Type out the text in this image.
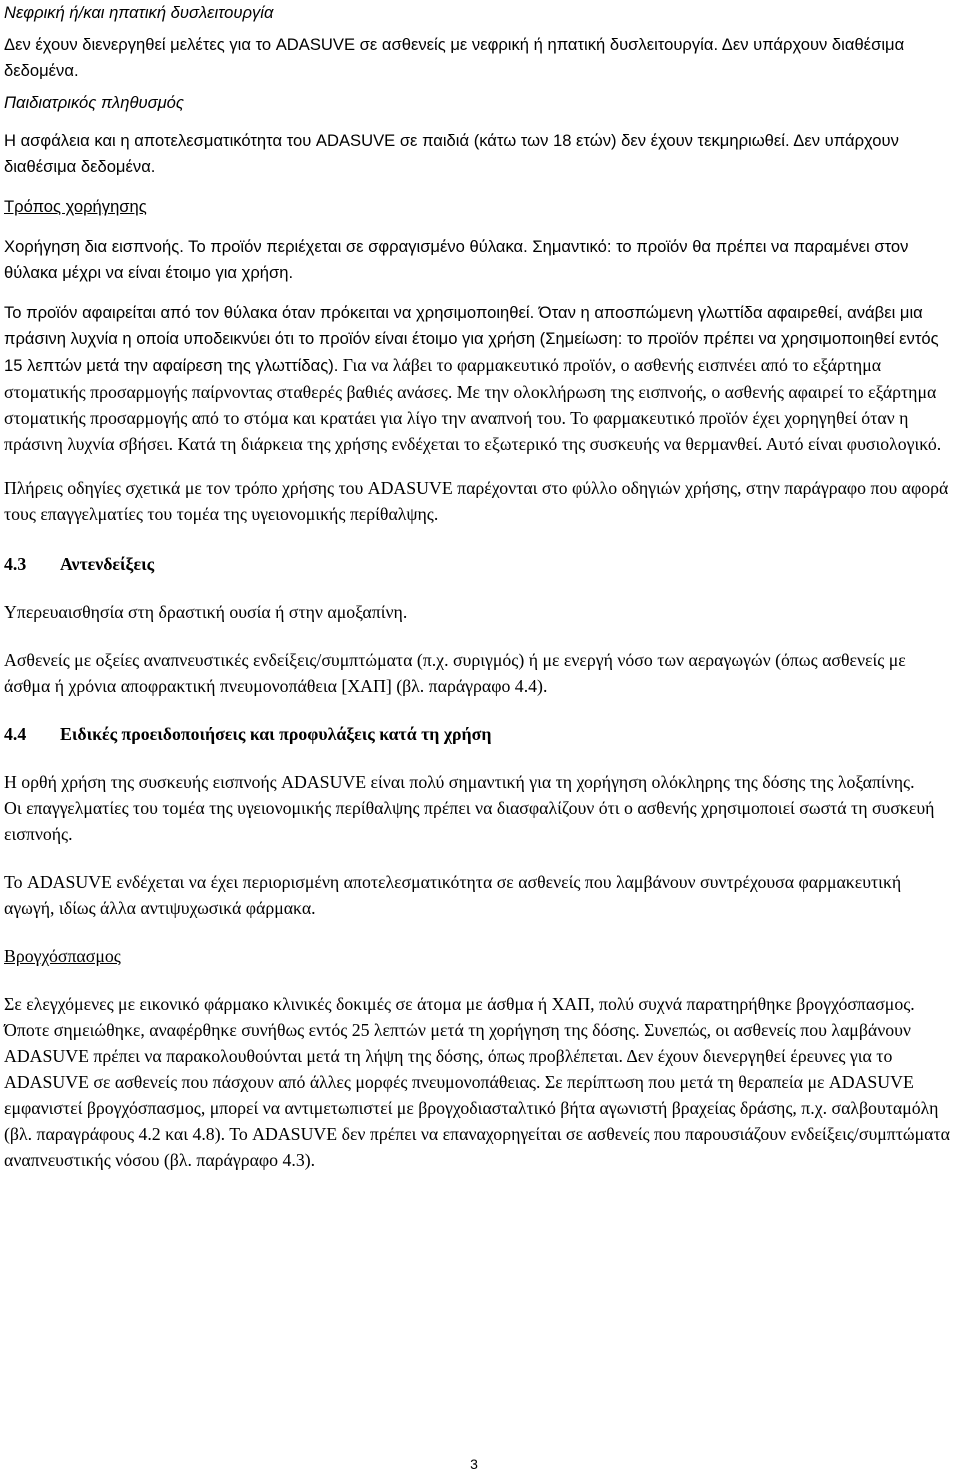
Νεφρική ή/και ηπατική δυσλειτουργία

Δεν έχουν διενεργηθεί μελέτες για το ADASUVE σε ασθενείς με νεφρική ή ηπατική δυσλειτουργία. Δεν υπάρχουν διαθέσιμα δεδομένα.

Παιδιατρικός πληθυσμός

Η ασφάλεια και η αποτελεσματικότητα του ADASUVE σε παιδιά (κάτω των 18 ετών) δεν έχουν τεκμηριωθεί. Δεν υπάρχουν διαθέσιμα δεδομένα.

Τρόπος χορήγησης

Χορήγηση δια εισπνοής. Το προϊόν περιέχεται σε σφραγισμένο θύλακα. Σημαντικό: το προϊόν θα πρέπει να παραμένει στον θύλακα μέχρι να είναι έτοιμο για χρήση.

Το προϊόν αφαιρείται από τον θύλακα όταν πρόκειται να χρησιμοποιηθεί. Όταν η αποσπώμενη γλωττίδα αφαιρεθεί, ανάβει μια πράσινη λυχνία η οποία υποδεικνύει ότι το προϊόν είναι έτοιμο για χρήση (Σημείωση: το προϊόν πρέπει να χρησιμοποιηθεί εντός 15 λεπτών μετά την αφαίρεση της γλωττίδας). Για να λάβει το φαρμακευτικό προϊόν, ο ασθενής εισπνέει από το εξάρτημα στοματικής προσαρμογής παίρνοντας σταθερές βαθιές ανάσες. Με την ολοκλήρωση της εισπνοής, ο ασθενής αφαιρεί το εξάρτημα στοματικής προσαρμογής από το στόμα και κρατάει για λίγο την αναπνοή του. Το φαρμακευτικό προϊόν έχει χορηγηθεί όταν η πράσινη λυχνία σβήσει. Κατά τη διάρκεια της χρήσης ενδέχεται το εξωτερικό της συσκευής να θερμανθεί. Αυτό είναι φυσιολογικό.

Πλήρεις οδηγίες σχετικά με τον τρόπο χρήσης του ADASUVE παρέχονται στο φύλλο οδηγιών χρήσης, στην παράγραφο που αφορά τους επαγγελματίες του τομέα της υγειονομικής περίθαλψης.

4.3	Αντενδείξεις

Υπερευαισθησία στη δραστική ουσία ή στην αμοξαπίνη.

Ασθενείς με οξείες αναπνευστικές ενδείξεις/συμπτώματα (π.χ. συριγμός) ή με ενεργή νόσο των αεραγωγών (όπως ασθενείς με άσθμα ή χρόνια αποφρακτική πνευμονοπάθεια [ΧΑΠ] (βλ. παράγραφο 4.4).

4.4	Ειδικές προειδοποιήσεις και προφυλάξεις κατά τη χρήση

Η ορθή χρήση της συσκευής εισπνοής ADASUVE είναι πολύ σημαντική για τη χορήγηση ολόκληρης της δόσης της λοξαπίνης.

Οι επαγγελματίες του τομέα της υγειονομικής περίθαλψης πρέπει να διασφαλίζουν ότι ο ασθενής χρησιμοποιεί σωστά τη συσκευή εισπνοής.

Το ADASUVE ενδέχεται να έχει περιορισμένη αποτελεσματικότητα σε ασθενείς που λαμβάνουν συντρέχουσα φαρμακευτική αγωγή, ιδίως άλλα αντιψυχωσικά φάρμακα.

Βρογχόσπασμος

Σε ελεγχόμενες με εικονικό φάρμακο κλινικές δοκιμές σε άτομα με άσθμα ή ΧΑΠ, πολύ συχνά παρατηρήθηκε βρογχόσπασμος. Όποτε σημειώθηκε, αναφέρθηκε συνήθως εντός 25 λεπτών μετά τη χορήγηση της δόσης. Συνεπώς, οι ασθενείς που λαμβάνουν ADASUVE πρέπει να παρακολουθούνται μετά τη λήψη της δόσης, όπως προβλέπεται. Δεν έχουν διενεργηθεί έρευνες για το ADASUVE σε ασθενείς που πάσχουν από άλλες μορφές πνευμονοπάθειας. Σε περίπτωση που μετά τη θεραπεία με ADASUVE εμφανιστεί βρογχόσπασμος, μπορεί να αντιμετωπιστεί με βρογχοδιασταλτικό βήτα αγωνιστή βραχείας δράσης, π.χ. σαλβουταμόλη (βλ. παραγράφους 4.2 και 4.8). Το ADASUVE δεν πρέπει να επαναχορηγείται σε ασθενείς που παρουσιάζουν ενδείξεις/συμπτώματα αναπνευστικής νόσου (βλ. παράγραφο 4.3).

3
